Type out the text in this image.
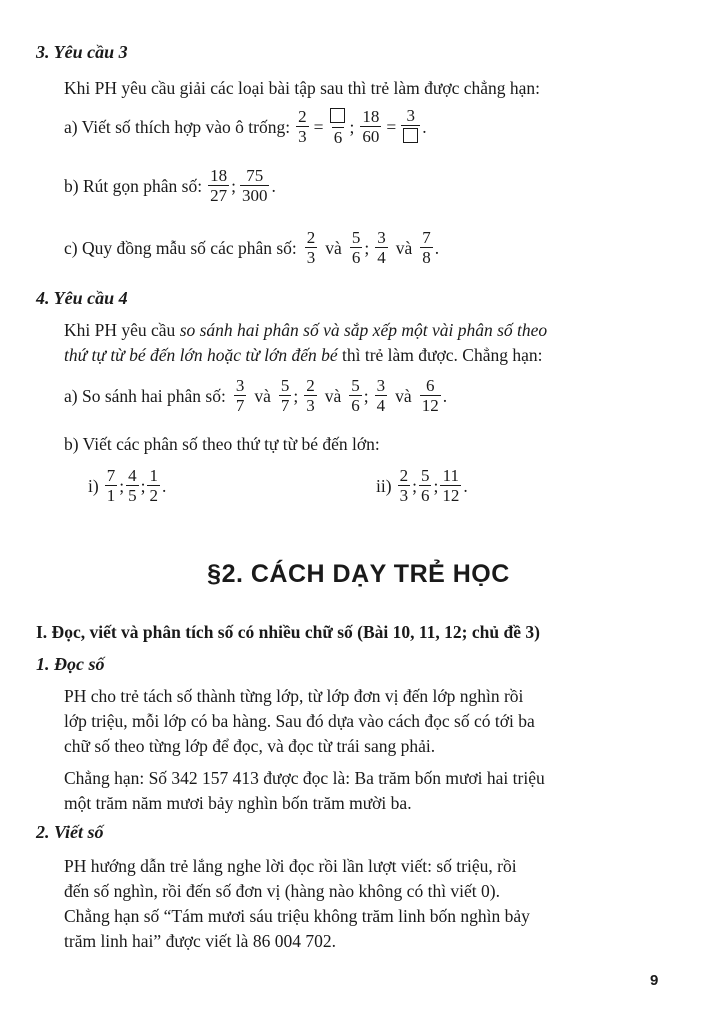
3. Yêu cầu 3
Khi PH yêu cầu giải các loại bài tập sau thì trẻ làm được chẳng hạn:
a) Viết số thích hợp vào ô trống: $\frac{2}{3}$ =
6
; $\frac{18}{60}$ =
3
.
b) Rút gọn phân số: $\frac{18}{27}$ ; $\frac{75}{300}$ .
c) Quy đồng mẫu số các phân số: $\frac{2}{3}$ và $\frac{5}{6}$ ; $\frac{3}{4}$ và $\frac{7}{8}$ .
4. Yêu cầu 4
Khi PH yêu cầu so sánh hai phân số và sắp xếp một vài phân số theo
thứ tự từ bé đến lớn hoặc từ lớn đến bé thì trẻ làm được. Chẳng hạn:
a) So sánh hai phân số: $\frac{3}{7}$ và $\frac{5}{7}$ ; $\frac{2}{3}$ và $\frac{5}{6}$ ; $\frac{3}{4}$ và $\frac{6}{12}$ .
b) Viết các phân số theo thứ tự từ bé đến lớn:
$i) \frac{7}{1}$ ; $\frac{4}{5}$ ; $\frac{1}{2}$ .	$ii) \frac{2}{3}$ ; $\frac{5}{6}$ ; $\frac{11}{12}$ .
§2. CÁCH DẠY TRẺ HỌC
I. Đọc, viết và phân tích số có nhiều chữ số (Bài 10, 11, 12; chủ đề 3)
1. Đọc số
PH cho trẻ tách số thành từng lớp, từ lớp đơn vị đến lớp nghìn rồi
lớp triệu, mỗi lớp có ba hàng. Sau đó dựa vào cách đọc số có tới ba
chữ số theo từng lớp để đọc, và đọc từ trái sang phải.
Chẳng hạn: Số 342 157 413 được đọc là: Ba trăm bốn mươi hai triệu
một trăm năm mươi bảy nghìn bốn trăm mười ba.
2. Viết số
PH hướng dẫn trẻ lắng nghe lời đọc rồi lần lượt viết: số triệu, rồi
đến số nghìn, rồi đến số đơn vị (hàng nào không có thì viết 0).
Chẳng hạn số “Tám mươi sáu triệu không trăm linh bốn nghìn bảy
trăm linh hai” được viết là 86 004 702.
9
